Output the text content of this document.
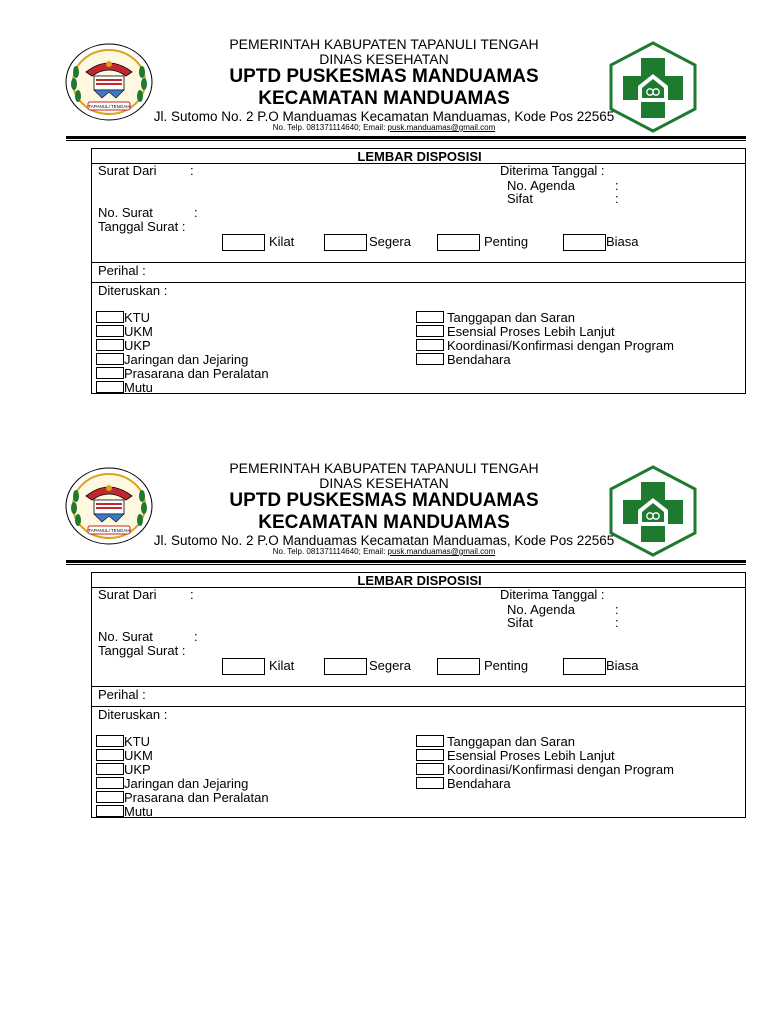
TAPANULI TENGAH
PEMERINTAH KABUPATEN TAPANULI TENGAH
DINAS KESEHATAN
UPTD PUSKESMAS MANDUAMAS
KECAMATAN MANDUAMAS
Jl. Sutomo No. 2 P.O Manduamas Kecamatan Manduamas, Kode Pos 22565
No. Telp. 081371114640; Email: pusk.manduamas@gmail.com
LEMBAR DISPOSISI
Surat Dari	:	Diterima Tanggal :
No. Agenda	:
Sifat	:
No. Surat	:
Tanggal Surat :
Kilat	Segera	Penting	Biasa
Perihal :
Diteruskan :
KTU
UKM
UKP
Jaringan dan Jejaring
Prasarana dan Peralatan
Mutu
Tanggapan dan Saran
Esensial Proses Lebih Lanjut
Koordinasi/Konfirmasi dengan Program
Bendahara
TAPANULI TENGAH
PEMERINTAH KABUPATEN TAPANULI TENGAH
DINAS KESEHATAN
UPTD PUSKESMAS MANDUAMAS
KECAMATAN MANDUAMAS
Jl. Sutomo No. 2 P.O Manduamas Kecamatan Manduamas, Kode Pos 22565
No. Telp. 081371114640; Email: pusk.manduamas@gmail.com
LEMBAR DISPOSISI
Surat Dari	:	Diterima Tanggal :
No. Agenda	:
Sifat	:
No. Surat	:
Tanggal Surat :
Kilat	Segera	Penting	Biasa
Perihal :
Diteruskan :
KTU
UKM
UKP
Jaringan dan Jejaring
Prasarana dan Peralatan
Mutu
Tanggapan dan Saran
Esensial Proses Lebih Lanjut
Koordinasi/Konfirmasi dengan Program
Bendahara
